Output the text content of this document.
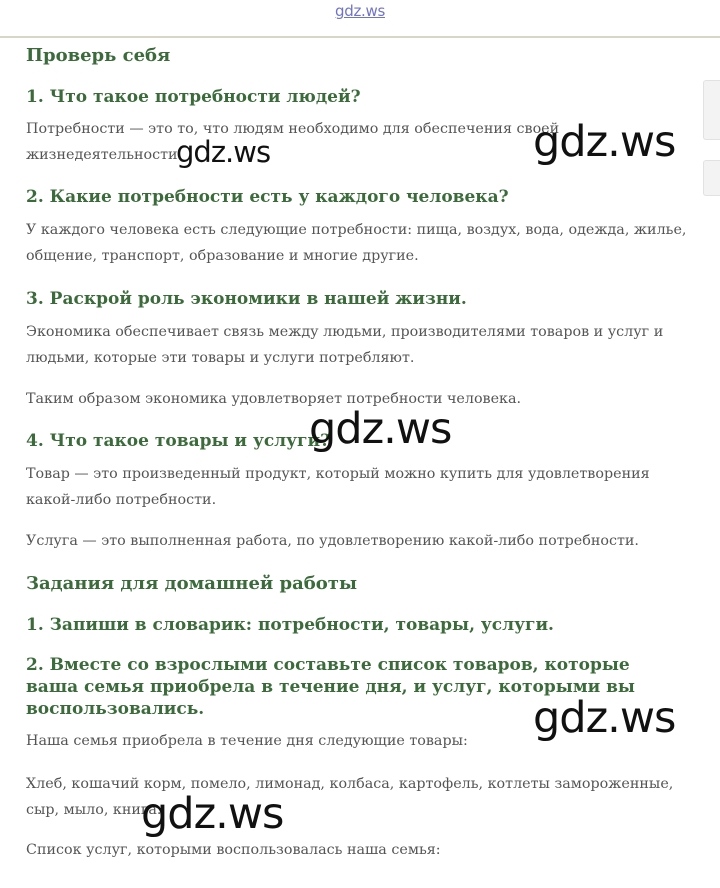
gdz.ws
Проверь себя
1. Что такое потребности людей?

Потребности — это то, что людям необходимо для обеспечения своей жизнедеятельности.

2. Какие потребности есть у каждого человека?

У каждого человека есть следующие потребности: пища, воздух, вода, одежда, жилье, общение, транспорт, образование и многие другие.

3. Раскрой роль экономики в нашей жизни.

Экономика обеспечивает связь между людьми, производителями товаров и услуг и людьми, которые эти товары и услуги потребляют.

Таким образом экономика удовлетворяет потребности человека.

4. Что такое товары и услуги?

Товар — это произведенный продукт, который можно купить для удовлетворения какой-либо потребности.

Услуга — это выполненная работа, по удовлетворению какой-либо потребности.

Задания для домашней работы
1. Запиши в словарик: потребности, товары, услуги.
2. Вместе со взрослыми составьте список товаров, которые ваша семья приобрела в течение дня, и услуг, которыми вы воспользовались.

Наша семья приобрела в течение дня следующие товары:

Хлеб, кошачий корм, помело, лимонад, колбаса, картофель, котлеты замороженные, сыр, мыло, книга.

Список услуг, которыми воспользовалась наша семья:

gdz.ws	gdz.ws
gdz.ws
gdz.ws
gdz.ws
